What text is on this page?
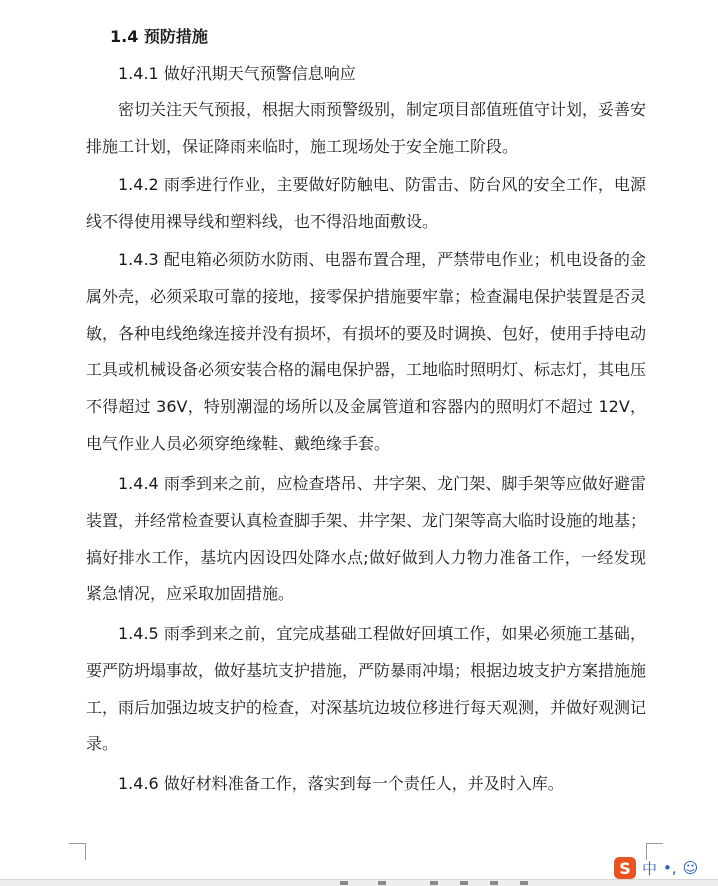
1.4 预防措施
1.4.1 做好汛期天气预警信息响应

密切关注天气预报，根据大雨预警级别，制定项目部值班值守计划，妥善安排施工计划，保证降雨来临时，施工现场处于安全施工阶段。

1.4.2 雨季进行作业，主要做好防触电、防雷击、防台风的安全工作，电源线不得使用裸导线和塑料线，也不得沿地面敷设。

1.4.3 配电箱必须防水防雨、电器布置合理，严禁带电作业；机电设备的金属外壳，必须采取可靠的接地，接零保护措施要牢靠；检查漏电保护装置是否灵敏，各种电线绝缘连接并没有损坏，有损坏的要及时调换、包好，使用手持电动工具或机械设备必须安装合格的漏电保护器，工地临时照明灯、标志灯，其电压不得超过 36V，特别潮湿的场所以及金属管道和容器内的照明灯不超过 12V，电气作业人员必须穿绝缘鞋、戴绝缘手套。

1.4.4 雨季到来之前，应检查塔吊、井字架、龙门架、脚手架等应做好避雷装置，并经常检查要认真检查脚手架、井字架、龙门架等高大临时设施的地基；搞好排水工作，基坑内因设四处降水点;做好做到人力物力准备工作，一经发现紧急情况，应采取加固措施。

1.4.5 雨季到来之前，宜完成基础工程做好回填工作，如果必须施工基础，要严防坍塌事故，做好基坑支护措施，严防暴雨冲塌；根据边坡支护方案措施施工，雨后加强边坡支护的检查，对深基坑边坡位移进行每天观测，并做好观测记录。

1.4.6 做好材料准备工作，落实到每一个责任人，并及时入库。

S 中 •, ☺
